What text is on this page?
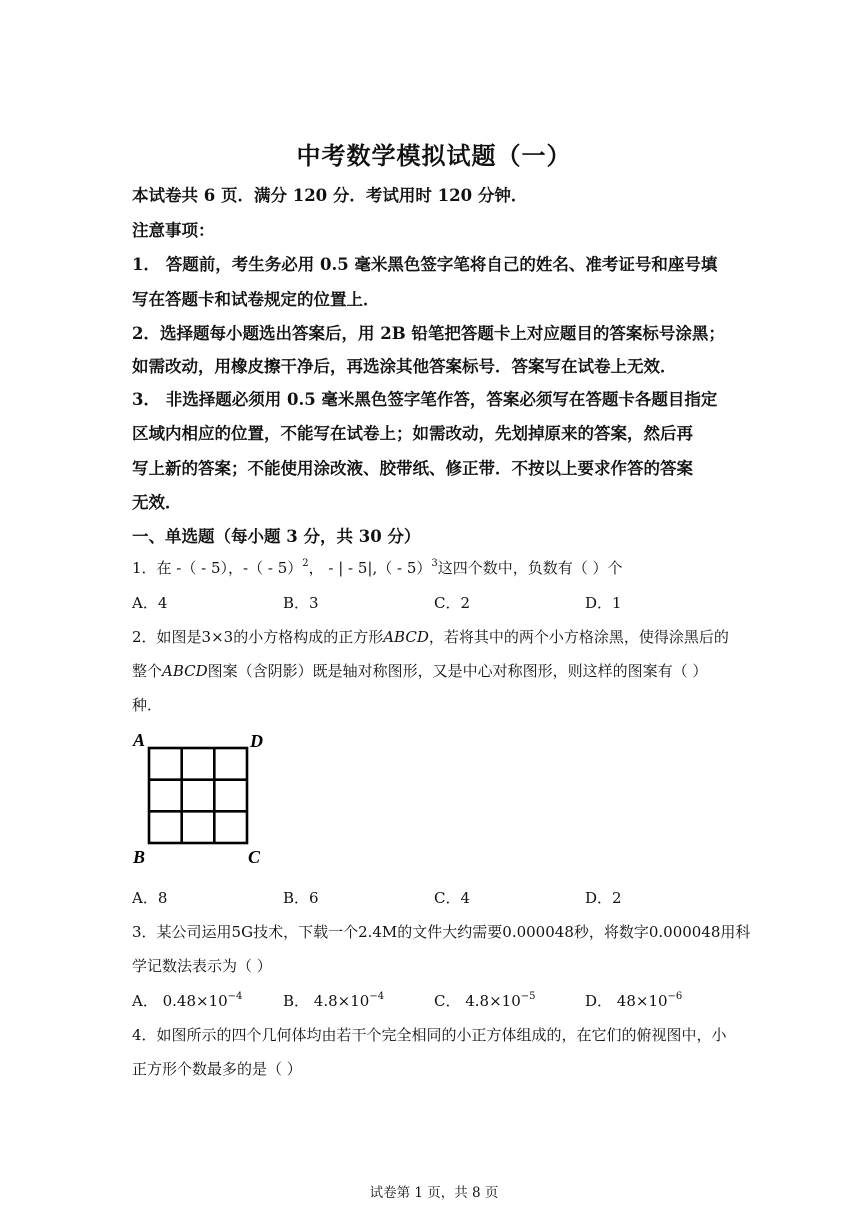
中考数学模拟试题（一）
本试卷共 6 页．满分 120 分．考试用时 120 分钟．
注意事项：
1． 答题前，考生务必用 0.5 毫米黑色签字笔将自己的姓名、准考证号和座号填
写在答题卡和试卷规定的位置上．
2．选择题每小题选出答案后，用 2B 铅笔把答题卡上对应题目的答案标号涂黑；
如需改动，用橡皮擦干净后，再选涂其他答案标号．答案写在试卷上无效．
3． 非选择题必须用 0.5 毫米黑色签字笔作答，答案必须写在答题卡各题目指定
区域内相应的位置，不能写在试卷上；如需改动，先划掉原来的答案，然后再
写上新的答案；不能使用涂改液、胶带纸、修正带．不按以上要求作答的答案
无效．
一、单选题（每小题 3 分，共 30 分）
1．在 -（ - 5），-（ - 5）$^2$， - | - 5|,（ - 5）$^3$这四个数中，负数有（ ）个
A．4	B．3	C．2	D．1
2．如图是3×3的小方格构成的正方形ABCD，若将其中的两个小方格涂黑，使得涂黑后的
整个ABCD图案（含阴影）既是轴对称图形，又是中心对称图形，则这样的图案有（ ）
种．
A	D
B	C
A．8	B．6	C．4	D．2
3．某公司运用5G技术，下载一个2.4M的文件大约需要0.000048秒，将数字0.000048用科
学记数法表示为（ ）
A． $0.48\times 10^{-4}$	B． $4.8\times 10^{-4}$	C． $4.8\times 10^{-5}$	D． $48\times 10^{-6}$
4．如图所示的四个几何体均由若干个完全相同的小正方体组成的，在它们的俯视图中，小
正方形个数最多的是（ ）
试卷第 1 页，共 8 页
